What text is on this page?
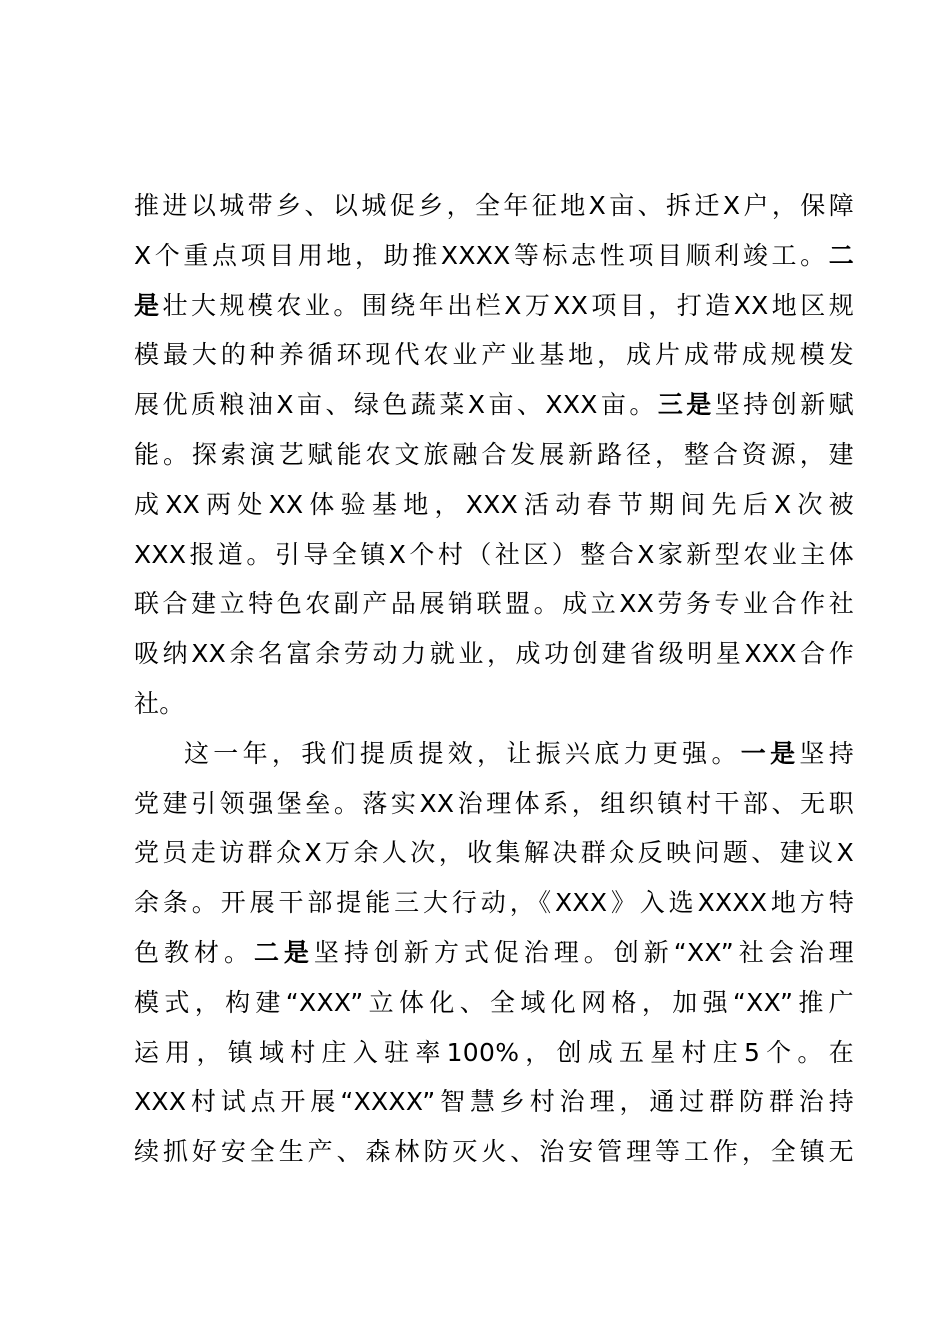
推进以城带乡、以城促乡，全年征地X亩、拆迁X户，保障
X个重点项目用地，助推XXXX等标志性项目顺利竣工。二
是壮大规模农业。围绕年出栏X万XX项目，打造XX地区规
模最大的种养循环现代农业产业基地，成片成带成规模发
展优质粮油X亩、绿色蔬菜X亩、XXX亩。三是坚持创新赋
能。探索演艺赋能农文旅融合发展新路径，整合资源，建
成XX两处XX体验基地，XXX活动春节期间先后X次被
XXX报道。引导全镇X个村（社区）整合X家新型农业主体
联合建立特色农副产品展销联盟。成立XX劳务专业合作社
吸纳XX余名富余劳动力就业，成功创建省级明星XXX合作
社。
这一年，我们提质提效，让振兴底力更强。一是坚持
党建引领强堡垒。落实XX治理体系，组织镇村干部、无职
党员走访群众X万余人次，收集解决群众反映问题、建议X
余条。开展干部提能三大行动，《XXX》入选XXXX地方特
色教材。二是坚持创新方式促治理。创新“XX”社会治理
模式，构建“XXX”立体化、全域化网格，加强“XX”推广
运用，镇域村庄入驻率100%，创成五星村庄5个。在
XXX村试点开展“XXXX”智慧乡村治理，通过群防群治持
续抓好安全生产、森林防灭火、治安管理等工作，全镇无
